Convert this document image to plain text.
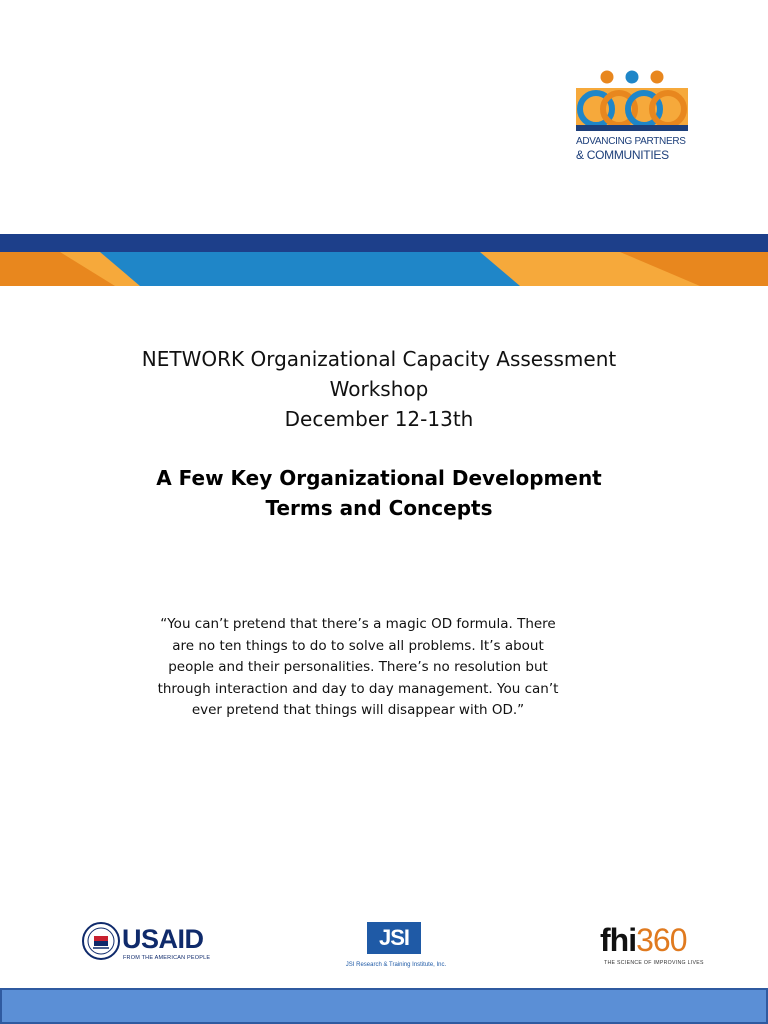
ADVANCING PARTNERS
& COMMUNITIES
NETWORK Organizational Capacity Assessment
Workshop
December 12-13th
A Few Key Organizational Development
Terms and Concepts
“You can’t pretend that there’s a magic OD formula. There
are no ten things to do to solve all problems. It’s about
people and their personalities. There’s no resolution but
through interaction and day to day management. You can’t
ever pretend that things will disappear with OD.”
USAID
FROM THE AMERICAN PEOPLE
JSI
JSI Research & Training Institute, Inc.
fhi360
THE SCIENCE OF IMPROVING LIVES
